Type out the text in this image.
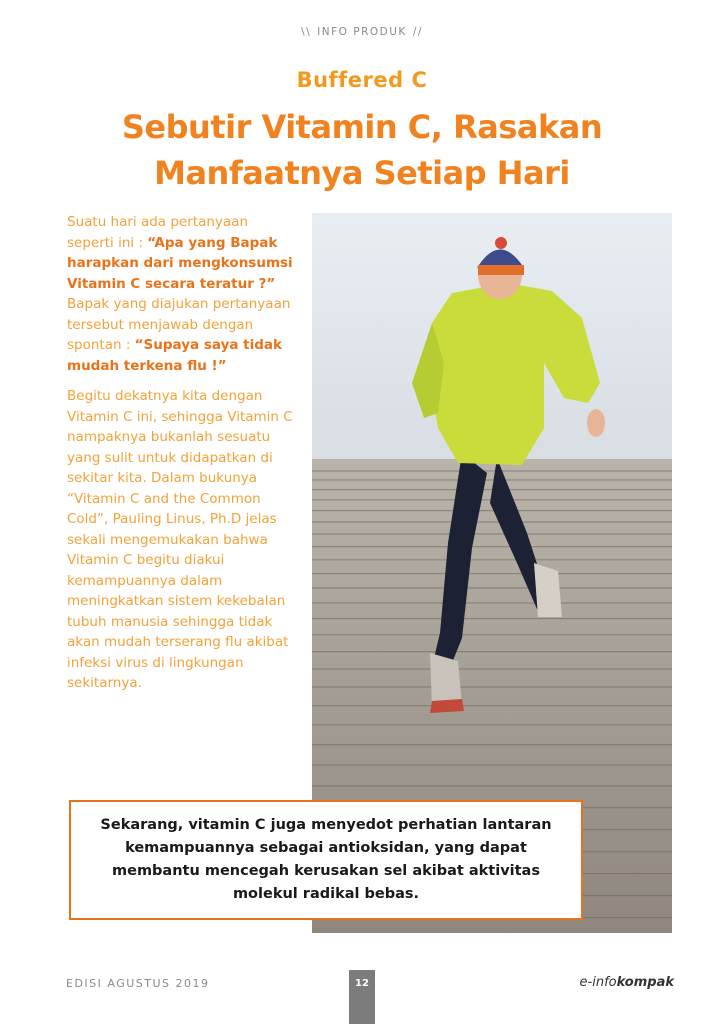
\\ INFO PRODUK //
Buffered C
Sebutir Vitamin C, Rasakan
Manfaatnya Setiap Hari

Suatu hari ada pertanyaan seperti ini : “Apa yang Bapak harapkan dari mengkonsumsi Vitamin C secara teratur ?” Bapak yang diajukan pertanyaan tersebut menjawab dengan spontan : “Supaya saya tidak mudah terkena flu !”

Begitu dekatnya kita dengan Vitamin C ini, sehingga Vitamin C nampaknya bukanlah sesuatu yang sulit untuk didapatkan di sekitar kita. Dalam bukunya “Vitamin C and the Common Cold”, Pauling Linus, Ph.D jelas sekali mengemukakan bahwa Vitamin C begitu diakui kemampuannya dalam meningkatkan sistem kekebalan tubuh manusia sehingga tidak akan mudah terserang flu akibat infeksi virus di lingkungan sekitarnya.

Sekarang, vitamin C juga menyedot perhatian lantaran kemampuannya sebagai antioksidan, yang dapat membantu mencegah kerusakan sel akibat aktivitas molekul radikal bebas.

EDISI AGUSTUS 2019	12	e-infokompak
